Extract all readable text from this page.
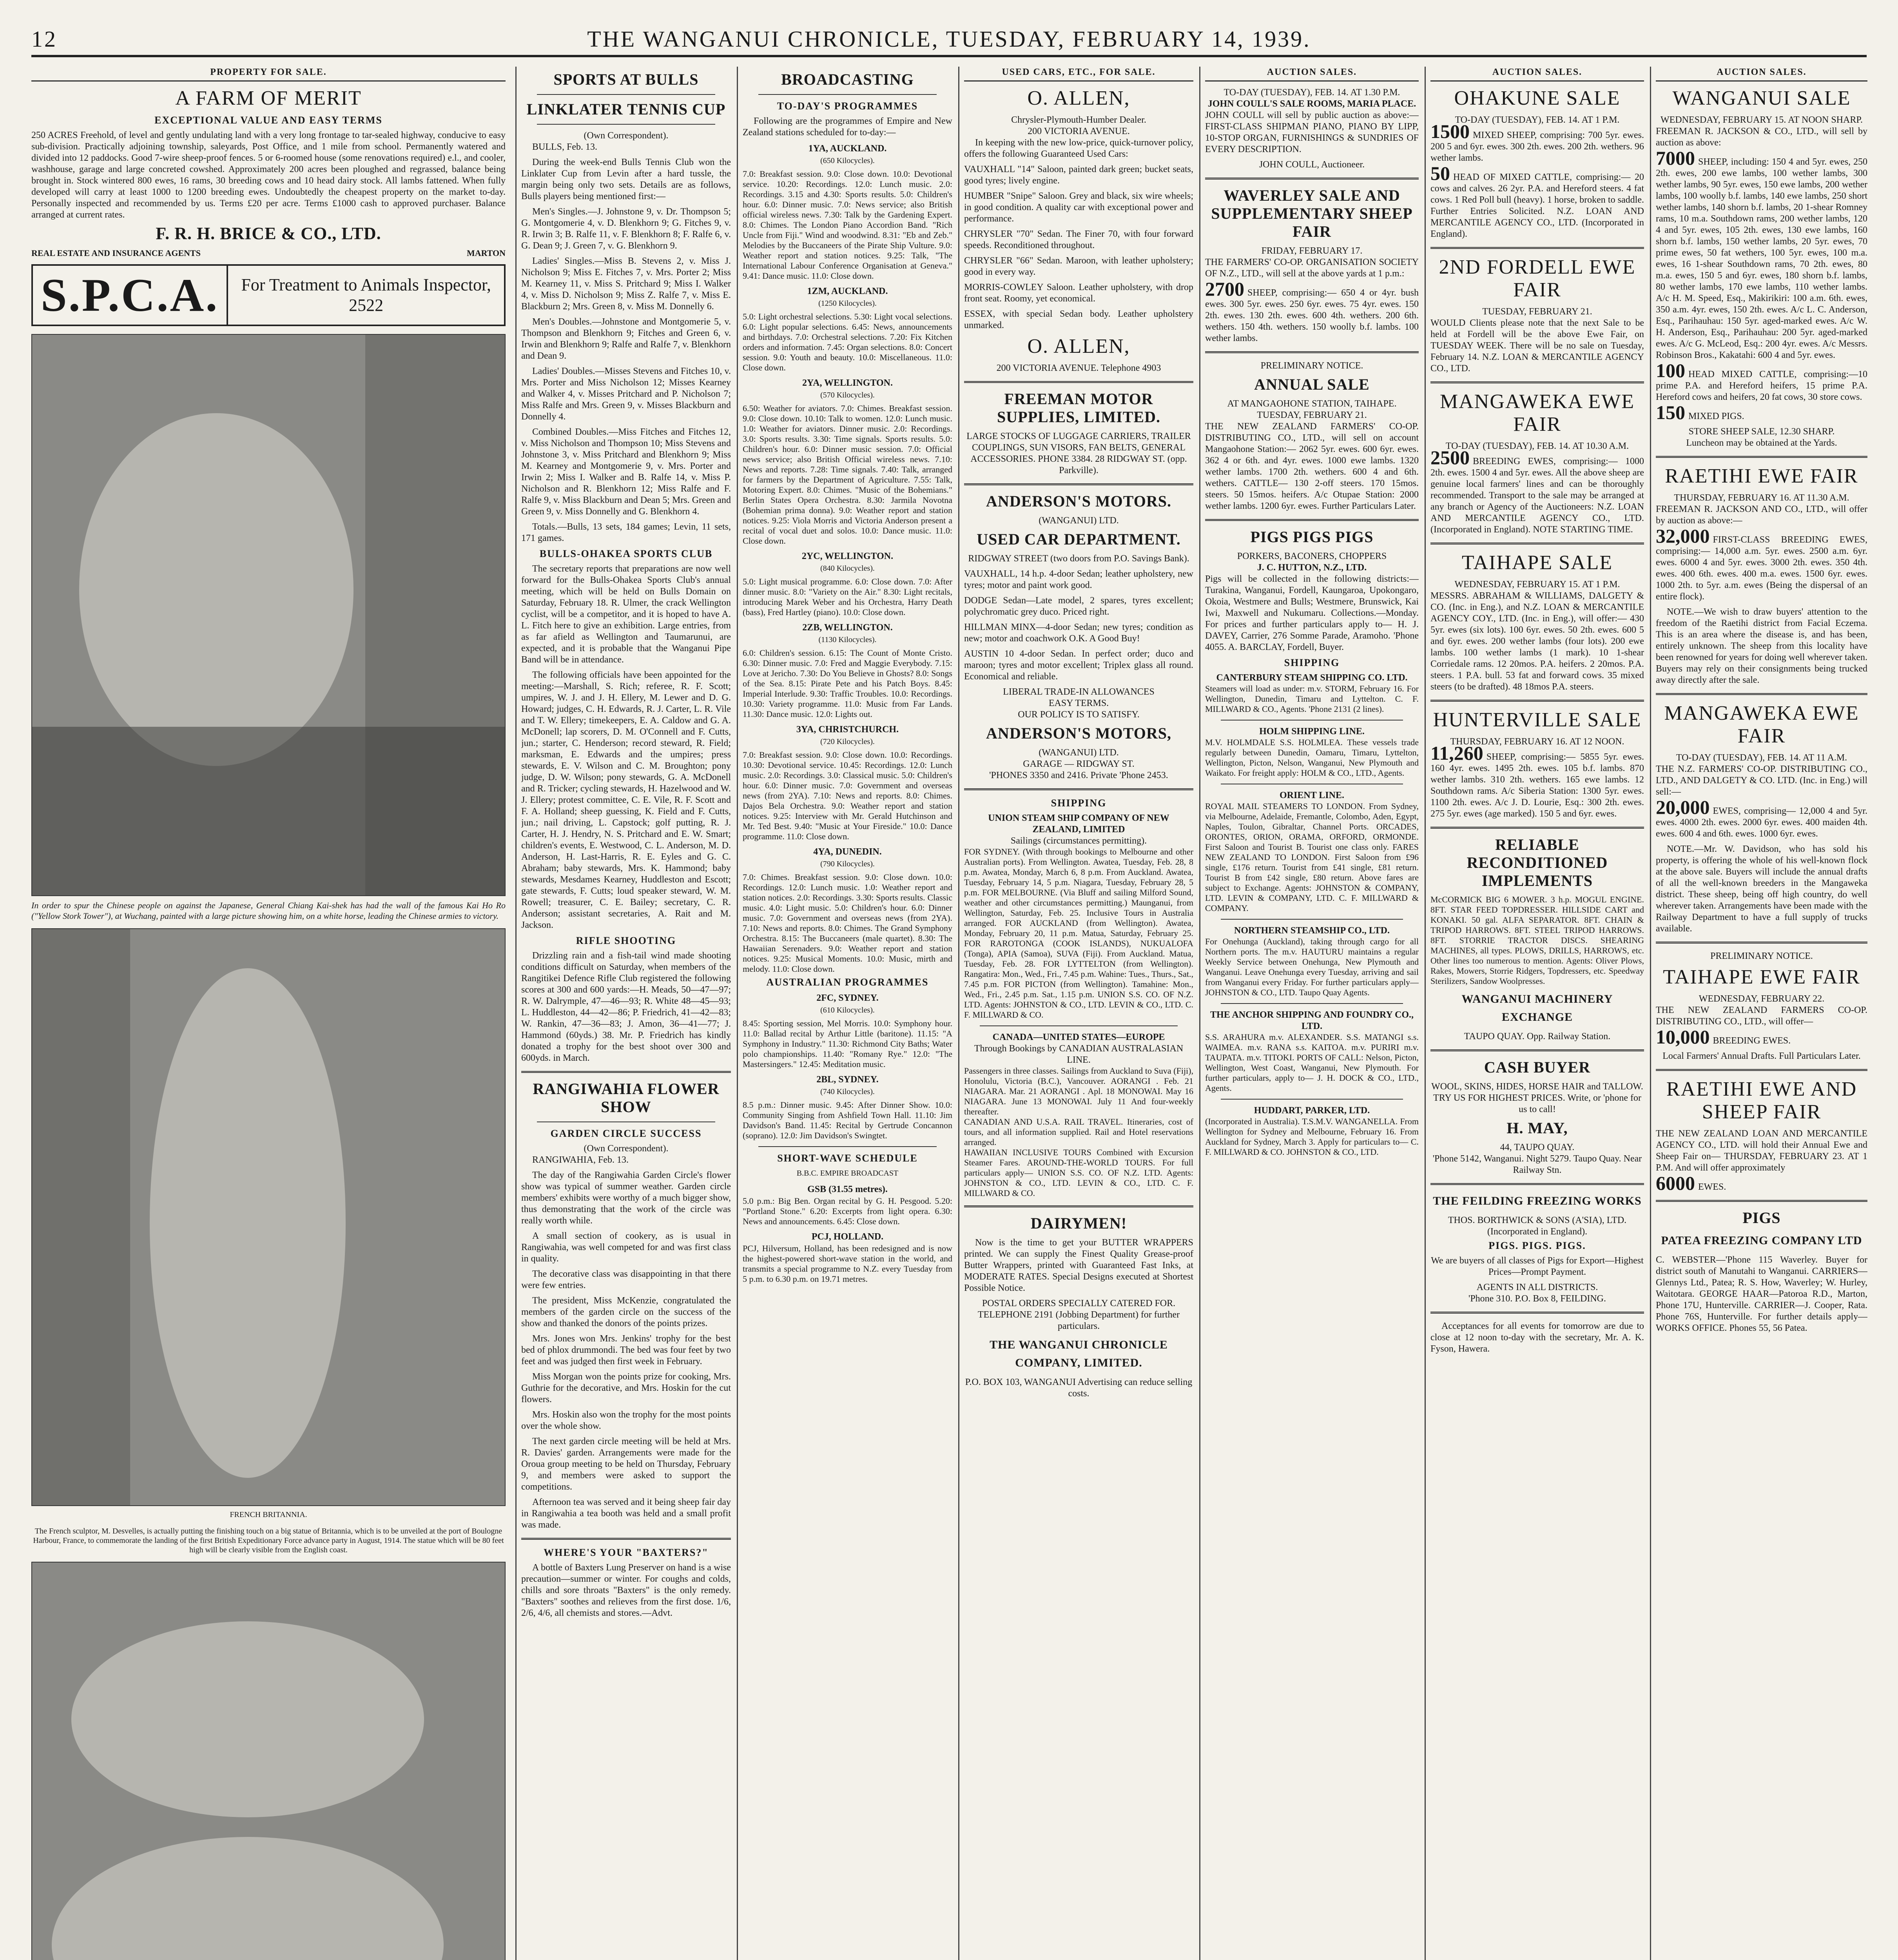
12	THE WANGANUI CHRONICLE, TUESDAY, FEBRUARY 14, 1939.
PROPERTY FOR SALE.
A FARM OF MERIT
EXCEPTIONAL VALUE AND EASY TERMS

250 ACRES Freehold, of level and gently undulating land with a very long frontage to tar-sealed highway, conducive to easy sub-division. Practically adjoining township, saleyards, Post Office, and 1 mile from school. Permanently watered and divided into 12 paddocks. Good 7-wire sheep-proof fences. 5 or 6-roomed house (some renovations required) e.l., and cooler, washhouse, garage and large concreted cowshed. Approximately 200 acres been ploughed and regrassed, balance being brought in. Stock wintered 800 ewes, 16 rams, 30 breeding cows and 10 head dairy stock. All lambs fattened. When fully developed will carry at least 1000 to 1200 breeding ewes. Undoubtedly the cheapest property on the market to-day. Personally inspected and recommended by us. Terms £20 per acre. Terms £1000 cash to approved purchaser. Balance arranged at current rates.

F. R. H. BRICE & CO., LTD.
REAL ESTATE AND INSURANCE AGENTS	MARTON
S.P.C.A.	For Treatment to Animals Inspector, 2522

In order to spur the Chinese people on against the Japanese, General Chiang Kai-shek has had the wall of the famous Kai Ho Ro ("Yellow Stork Tower"), at Wuchang, painted with a large picture showing him, on a white horse, leading the Chinese armies to victory.

FRENCH BRITANNIA.

The French sculptor, M. Desvelles, is actually putting the finishing touch on a big statue of Britannia, which is to be unveiled at the port of Boulogne Harbour, France, to commemorate the landing of the first British Expeditionary Force advance party in August, 1914. The statue which will be 80 feet high will be clearly visible from the English coast.

SPORTS AT BULLS
LINKLATER TENNIS CUP
(Own Correspondent).

BULLS, Feb. 13.

During the week-end Bulls Tennis Club won the Linklater Cup from Levin after a hard tussle, the margin being only two sets. Details are as follows, Bulls players being mentioned first:—

Men's Singles.—J. Johnstone 9, v. Dr. Thompson 5; G. Montgomerie 4, v. D. Blenkhorn 9; G. Fitches 9, v. R. Irwin 3; B. Ralfe 11, v. F. Blenkhorn 8; F. Ralfe 6, v. G. Dean 9; J. Green 7, v. G. Blenkhorn 9.

Ladies' Singles.—Miss B. Stevens 2, v. Miss J. Nicholson 9; Miss E. Fitches 7, v. Mrs. Porter 2; Miss M. Kearney 11, v. Miss S. Pritchard 9; Miss I. Walker 4, v. Miss D. Nicholson 9; Miss Z. Ralfe 7, v. Miss E. Blackburn 2; Mrs. Green 8, v. Miss M. Donnelly 6.

Men's Doubles.—Johnstone and Montgomerie 5, v. Thompson and Blenkhorn 9; Fitches and Green 6, v. Irwin and Blenkhorn 9; Ralfe and Ralfe 7, v. Blenkhorn and Dean 9.

Ladies' Doubles.—Misses Stevens and Fitches 10, v. Mrs. Porter and Miss Nicholson 12; Misses Kearney and Walker 4, v. Misses Pritchard and P. Nicholson 7; Miss Ralfe and Mrs. Green 9, v. Misses Blackburn and Donnelly 4.

Combined Doubles.—Miss Fitches and Fitches 12, v. Miss Nicholson and Thompson 10; Miss Stevens and Johnstone 3, v. Miss Pritchard and Blenkhorn 9; Miss M. Kearney and Montgomerie 9, v. Mrs. Porter and Irwin 2; Miss I. Walker and B. Ralfe 14, v. Miss P. Nicholson and R. Blenkhorn 12; Miss Ralfe and F. Ralfe 9, v. Miss Blackburn and Dean 5; Mrs. Green and Green 9, v. Miss Donnelly and G. Blenkhorn 4.

Totals.—Bulls, 13 sets, 184 games; Levin, 11 sets, 171 games.

BULLS-OHAKEA SPORTS CLUB

The secretary reports that preparations are now well forward for the Bulls-Ohakea Sports Club's annual meeting, which will be held on Bulls Domain on Saturday, February 18. R. Ulmer, the crack Wellington cyclist, will be a competitor, and it is hoped to have A. L. Fitch here to give an exhibition. Large entries, from as far afield as Wellington and Taumarunui, are expected, and it is probable that the Wanganui Pipe Band will be in attendance.

The following officials have been appointed for the meeting:—Marshall, S. Rich; referee, R. F. Scott; umpires, W. J. and J. H. Ellery, M. Lewer and D. G. Howard; judges, C. H. Edwards, R. J. Carter, L. R. Vile and T. W. Ellery; timekeepers, E. A. Caldow and G. A. McDonell; lap scorers, D. M. O'Connell and F. Cutts, jun.; starter, C. Henderson; record steward, R. Field; marksman, E. Edwards and the umpires; press stewards, E. V. Wilson and C. M. Broughton; pony judge, D. W. Wilson; pony stewards, G. A. McDonell and R. Tricker; cycling stewards, H. Hazelwood and W. J. Ellery; protest committee, C. E. Vile, R. F. Scott and F. A. Holland; sheep guessing, K. Field and F. Cutts, jun.; nail driving, L. Capstock; golf putting, R. J. Carter, H. J. Hendry, N. S. Pritchard and E. W. Smart; children's events, E. Westwood, C. L. Anderson, M. D. Anderson, H. Last-Harris, R. E. Eyles and G. C. Abraham; baby stewards, Mrs. K. Hammond; baby stewards, Mesdames Kearney, Huddleston and Escott; gate stewards, F. Cutts; loud speaker steward, W. M. Rowell; treasurer, C. E. Bailey; secretary, C. R. Anderson; assistant secretaries, A. Rait and M. Jackson.

RIFLE SHOOTING

Drizzling rain and a fish-tail wind made shooting conditions difficult on Saturday, when members of the Rangitikei Defence Rifle Club registered the following scores at 300 and 600 yards:—H. Meads, 50—47—97; R. W. Dalrymple, 47—46—93; R. White 48—45—93; L. Huddleston, 44—42—86; P. Friedrich, 41—42—83; W. Rankin, 47—36—83; J. Amon, 36—41—77; J. Hammond (60yds.) 38. Mr. P. Friedrich has kindly donated a trophy for the best shoot over 300 and 600yds. in March.

RANGIWAHIA FLOWER SHOW
GARDEN CIRCLE SUCCESS
(Own Correspondent).

RANGIWAHIA, Feb. 13.

The day of the Rangiwahia Garden Circle's flower show was typical of summer weather. Garden circle members' exhibits were worthy of a much bigger show, thus demonstrating that the work of the circle was really worth while.

A small section of cookery, as is usual in Rangiwahia, was well competed for and was first class in quality.

The decorative class was disappointing in that there were few entries.

The president, Miss McKenzie, congratulated the members of the garden circle on the success of the show and thanked the donors of the points prizes.

Mrs. Jones won Mrs. Jenkins' trophy for the best bed of phlox drummondi. The bed was four feet by two feet and was judged then first week in February.

Miss Morgan won the points prize for cooking, Mrs. Guthrie for the decorative, and Mrs. Hoskin for the cut flowers.

Mrs. Hoskin also won the trophy for the most points over the whole show.

The next garden circle meeting will be held at Mrs. R. Davies' garden. Arrangements were made for the Oroua group meeting to be held on Thursday, February 9, and members were asked to support the competitions.

Afternoon tea was served and it being sheep fair day in Rangiwahia a tea booth was held and a small profit was made.

WHERE'S YOUR "BAXTERS?"

A bottle of Baxters Lung Preserver on hand is a wise precaution—summer or winter. For coughs and colds, chills and sore throats "Baxters" is the only remedy. "Baxters" soothes and relieves from the first dose. 1/6, 2/6, 4/6, all chemists and stores.—Advt.

BROADCASTING
TO-DAY'S PROGRAMMES

Following are the programmes of Empire and New Zealand stations scheduled for to-day:—

1YA, AUCKLAND.
(650 Kilocycles).

7.0: Breakfast session. 9.0: Close down. 10.0: Devotional service. 10.20: Recordings. 12.0: Lunch music. 2.0: Recordings. 3.15 and 4.30: Sports results. 5.0: Children's hour. 6.0: Dinner music. 7.0: News service; also British official wireless news. 7.30: Talk by the Gardening Expert. 8.0: Chimes. The London Piano Accordion Band. "Rich Uncle from Fiji." Wind and woodwind. 8.31: "Eb and Zeb." Melodies by the Buccaneers of the Pirate Ship Vulture. 9.0: Weather report and station notices. 9.25: Talk, "The International Labour Conference Organisation at Geneva." 9.41: Dance music. 11.0: Close down.

1ZM, AUCKLAND.
(1250 Kilocycles).

5.0: Light orchestral selections. 5.30: Light vocal selections. 6.0: Light popular selections. 6.45: News, announcements and birthdays. 7.0: Orchestral selections. 7.20: Fix Kitchen orders and information. 7.45: Organ selections. 8.0: Concert session. 9.0: Youth and beauty. 10.0: Miscellaneous. 11.0: Close down.

2YA, WELLINGTON.
(570 Kilocycles).

6.50: Weather for aviators. 7.0: Chimes. Breakfast session. 9.0: Close down. 10.10: Talk to women. 12.0: Lunch music. 1.0: Weather for aviators. Dinner music. 2.0: Recordings. 3.0: Sports results. 3.30: Time signals. Sports results. 5.0: Children's hour. 6.0: Dinner music session. 7.0: Official news service; also British Official wireless news. 7.10: News and reports. 7.28: Time signals. 7.40: Talk, arranged for farmers by the Department of Agriculture. 7.55: Talk, Motoring Expert. 8.0: Chimes. "Music of the Bohemians." Berlin States Opera Orchestra. 8.30: Jarmila Novotna (Bohemian prima donna). 9.0: Weather report and station notices. 9.25: Viola Morris and Victoria Anderson present a recital of vocal duet and solos. 10.0: Dance music. 11.0: Close down.

2YC, WELLINGTON.
(840 Kilocycles).

5.0: Light musical programme. 6.0: Close down. 7.0: After dinner music. 8.0: "Variety on the Air." 8.30: Light recitals, introducing Marek Weber and his Orchestra, Harry Death (bass), Fred Hartley (piano). 10.0: Close down.

2ZB, WELLINGTON.
(1130 Kilocycles).

6.0: Children's session. 6.15: The Count of Monte Cristo. 6.30: Dinner music. 7.0: Fred and Maggie Everybody. 7.15: Love at Jericho. 7.30: Do You Believe in Ghosts? 8.0: Songs of the Sea. 8.15: Pirate Pete and his Patch Boys. 8.45: Imperial Interlude. 9.30: Traffic Troubles. 10.0: Recordings. 10.30: Variety programme. 11.0: Music from Far Lands. 11.30: Dance music. 12.0: Lights out.

3YA, CHRISTCHURCH.
(720 Kilocycles).

7.0: Breakfast session. 9.0: Close down. 10.0: Recordings. 10.30: Devotional service. 10.45: Recordings. 12.0: Lunch music. 2.0: Recordings. 3.0: Classical music. 5.0: Children's hour. 6.0: Dinner music. 7.0: Government and overseas news (from 2YA). 7.10: News and reports. 8.0: Chimes. Dajos Bela Orchestra. 9.0: Weather report and station notices. 9.25: Interview with Mr. Gerald Hutchinson and Mr. Ted Best. 9.40: "Music at Your Fireside." 10.0: Dance programme. 11.0: Close down.

4YA, DUNEDIN.
(790 Kilocycles).

7.0: Chimes. Breakfast session. 9.0: Close down. 10.0: Recordings. 12.0: Lunch music. 1.0: Weather report and station notices. 2.0: Recordings. 3.30: Sports results. Classic music. 4.0: Light music. 5.0: Children's hour. 6.0: Dinner music. 7.0: Government and overseas news (from 2YA). 7.10: News and reports. 8.0: Chimes. The Grand Symphony Orchestra. 8.15: The Buccaneers (male quartet). 8.30: The Hawaiian Serenaders. 9.0: Weather report and station notices. 9.25: Musical Moments. 10.0: Music, mirth and melody. 11.0: Close down.

AUSTRALIAN PROGRAMMES
2FC, SYDNEY.
(610 Kilocycles).

8.45: Sporting session, Mel Morris. 10.0: Symphony hour. 11.0: Ballad recital by Arthur Little (baritone). 11.15: "A Symphony in Industry." 11.30: Richmond City Baths; Water polo championships. 11.40: "Romany Rye." 12.0: "The Mastersingers." 12.45: Meditation music.

2BL, SYDNEY.
(740 Kilocycles).

8.5 p.m.: Dinner music. 9.45: After Dinner Show. 10.0: Community Singing from Ashfield Town Hall. 11.10: Jim Davidson's Band. 11.45: Recital by Gertrude Concannon (soprano). 12.0: Jim Davidson's Swingtet.

SHORT-WAVE SCHEDULE
B.B.C. EMPIRE BROADCAST
GSB (31.55 metres).

5.0 p.m.: Big Ben. Organ recital by G. H. Pesgood. 5.20: "Portland Stone." 6.20: Excerpts from light opera. 6.30: News and announcements. 6.45: Close down.

PCJ, HOLLAND.

PCJ, Hilversum, Holland, has been redesigned and is now the highest-powered short-wave station in the world, and transmits a special programme to N.Z. every Tuesday from 5 p.m. to 6.30 p.m. on 19.71 metres.

USED CARS, ETC., FOR SALE.
O. ALLEN,
Chrysler-Plymouth-Humber Dealer.
200 VICTORIA AVENUE.

In keeping with the new low-price, quick-turnover policy, offers the following Guaranteed Used Cars:

VAUXHALL "14" Saloon, painted dark green; bucket seats, good tyres; lively engine.

HUMBER "Snipe" Saloon. Grey and black, six wire wheels; in good condition. A quality car with exceptional power and performance.

CHRYSLER "70" Sedan. The Finer 70, with four forward speeds. Reconditioned throughout.

CHRYSLER "66" Sedan. Maroon, with leather upholstery; good in every way.

MORRIS-COWLEY Saloon. Leather upholstery, with drop front seat. Roomy, yet economical.

ESSEX, with special Sedan body. Leather upholstery unmarked.

O. ALLEN,
200 VICTORIA AVENUE. Telephone 4903
FREEMAN MOTOR SUPPLIES, LIMITED.

LARGE STOCKS OF LUGGAGE CARRIERS, TRAILER COUPLINGS, SUN VISORS, FAN BELTS, GENERAL ACCESSORIES. PHONE 3384. 28 RIDGWAY ST. (opp. Parkville).

ANDERSON'S MOTORS.
(WANGANUI) LTD.
USED CAR DEPARTMENT.

RIDGWAY STREET (two doors from P.O. Savings Bank).

VAUXHALL, 14 h.p. 4-door Sedan; leather upholstery, new tyres; motor and paint work good.

DODGE Sedan—Late model, 2 spares, tyres excellent; polychromatic grey duco. Priced right.

HILLMAN MINX—4-door Sedan; new tyres; condition as new; motor and coachwork O.K. A Good Buy!

AUSTIN 10 4-door Sedan. In perfect order; duco and maroon; tyres and motor excellent; Triplex glass all round. Economical and reliable.

LIBERAL TRADE-IN ALLOWANCES
EASY TERMS.
OUR POLICY IS TO SATISFY.
ANDERSON'S MOTORS,
(WANGANUI) LTD.
GARAGE — RIDGWAY ST.
'PHONES 3350 and 2416. Private 'Phone 2453.
SHIPPING
UNION STEAM SHIP COMPANY OF NEW ZEALAND, LIMITED
Sailings (circumstances permitting).

FOR SYDNEY. (With through bookings to Melbourne and other Australian ports). From Wellington. Awatea, Tuesday, Feb. 28, 8 p.m. Awatea, Monday, March 6, 8 p.m. From Auckland. Awatea, Tuesday, February 14, 5 p.m. Niagara, Tuesday, February 28, 5 p.m. FOR MELBOURNE. (Via Bluff and sailing Milford Sound, weather and other circumstances permitting.) Maunganui, from Wellington, Saturday, Feb. 25. Inclusive Tours in Australia arranged. FOR AUCKLAND (from Wellington). Awatea, Monday, February 20, 11 p.m. Matua, Saturday, February 25. FOR RAROTONGA (COOK ISLANDS), NUKUALOFA (Tonga), APIA (Samoa), SUVA (Fiji). From Auckland. Matua, Tuesday, Feb. 28. FOR LYTTELTON (from Wellington). Rangatira: Mon., Wed., Fri., 7.45 p.m. Wahine: Tues., Thurs., Sat., 7.45 p.m. FOR PICTON (from Wellington). Tamahine: Mon., Wed., Fri., 2.45 p.m. Sat., 1.15 p.m. UNION S.S. CO. OF N.Z. LTD. Agents: JOHNSTON & CO., LTD. LEVIN & CO., LTD. C. F. MILLWARD & CO.

CANADA—UNITED STATES—EUROPE
Through Bookings by CANADIAN AUSTRALASIAN LINE.

Passengers in three classes. Sailings from Auckland to Suva (Fiji), Honolulu, Victoria (B.C.), Vancouver. AORANGI . Feb. 21 NIAGARA. Mar. 21 AORANGI . Apl. 18 MONOWAI. May 16 NIAGARA. June 13 MONOWAI. July 11 And four-weekly thereafter.

CANADIAN AND U.S.A. RAIL TRAVEL. Itineraries, cost of tours, and all information supplied. Rail and Hotel reservations arranged.

HAWAIIAN INCLUSIVE TOURS Combined with Excursion Steamer Fares. AROUND-THE-WORLD TOURS. For full particulars apply— UNION S.S. CO. OF N.Z. LTD. Agents: JOHNSTON & CO., LTD. LEVIN & CO., LTD. C. F. MILLWARD & CO.

DAIRYMEN!

Now is the time to get your BUTTER WRAPPERS printed. We can supply the Finest Quality Grease-proof Butter Wrappers, printed with Guaranteed Fast Inks, at MODERATE RATES. Special Designs executed at Shortest Possible Notice.

POSTAL ORDERS SPECIALLY CATERED FOR. TELEPHONE 2191 (Jobbing Department) for further particulars.

THE WANGANUI CHRONICLE COMPANY, LIMITED.
P.O. BOX 103, WANGANUI Advertising can reduce selling costs.
AUCTION SALES.
TO-DAY (TUESDAY), FEB. 14. AT 1.30 P.M.
JOHN COULL'S SALE ROOMS, MARIA PLACE.

JOHN COULL will sell by public auction as above:— FIRST-CLASS SHIPMAN PIANO, PIANO BY LIPP, 10-STOP ORGAN, FURNISHINGS & SUNDRIES OF EVERY DESCRIPTION.

JOHN COULL, Auctioneer.
WAVERLEY SALE AND SUPPLEMENTARY SHEEP FAIR
FRIDAY, FEBRUARY 17.

THE FARMERS' CO-OP. ORGANISATION SOCIETY OF N.Z., LTD., will sell at the above yards at 1 p.m.:

2700 SHEEP, comprising:— 650 4 or 4yr. bush ewes. 300 5yr. ewes. 250 6yr. ewes. 75 4yr. ewes. 150 2th. ewes. 130 2th. ewes. 600 4th. wethers. 200 6th. wethers. 150 4th. wethers. 150 woolly b.f. lambs. 100 wether lambs.

PRELIMINARY NOTICE.
ANNUAL SALE
AT MANGAOHONE STATION, TAIHAPE.
TUESDAY, FEBRUARY 21.

THE NEW ZEALAND FARMERS' CO-OP. DISTRIBUTING CO., LTD., will sell on account Mangaohone Station:— 2062 5yr. ewes. 600 6yr. ewes. 362 4 or 6th. and 4yr. ewes. 1000 ewe lambs. 1320 wether lambs. 1700 2th. wethers. 600 4 and 6th. wethers. CATTLE— 130 2-off steers. 170 15mos. steers. 50 15mos. heifers. A/c Otupae Station: 2000 wether lambs. 1200 6yr. ewes. Further Particulars Later.

PIGS PIGS PIGS
PORKERS, BACONERS, CHOPPERS
J. C. HUTTON, N.Z., LTD.

Pigs will be collected in the following districts:—Turakina, Wanganui, Fordell, Kaungaroa, Upokongaro, Okoia, Westmere and Bulls; Westmere, Brunswick, Kai Iwi, Maxwell and Nukumaru. Collections.—Monday. For prices and further particulars apply to— H. J. DAVEY, Carrier, 276 Somme Parade, Aramoho. 'Phone 4055. A. BARCLAY, Fordell, Buyer.

SHIPPING
CANTERBURY STEAM SHIPPING CO. LTD.

Steamers will load as under: m.v. STORM, February 16. For Wellington, Dunedin, Timaru and Lyttelton. C. F. MILLWARD & CO., Agents. 'Phone 2131 (2 lines).

HOLM SHIPPING LINE.

M.V. HOLMDALE S.S. HOLMLEA. These vessels trade regularly between Dunedin, Oamaru, Timaru, Lyttelton, Wellington, Picton, Nelson, Wanganui, New Plymouth and Waikato. For freight apply: HOLM & CO., LTD., Agents.

ORIENT LINE.

ROYAL MAIL STEAMERS TO LONDON. From Sydney, via Melbourne, Adelaide, Fremantle, Colombo, Aden, Egypt, Naples, Toulon, Gibraltar, Channel Ports. ORCADES, ORONTES, ORION, ORAMA, ORFORD, ORMONDE. First Saloon and Tourist B. Tourist one class only. FARES NEW ZEALAND TO LONDON. First Saloon from £96 single, £176 return. Tourist from £41 single, £81 return. Tourist B from £42 single, £80 return. Above fares are subject to Exchange. Agents: JOHNSTON & COMPANY, LTD. LEVIN & COMPANY, LTD. C. F. MILLWARD & COMPANY.

NORTHERN STEAMSHIP CO., LTD.

For Onehunga (Auckland), taking through cargo for all Northern ports. The m.v. HAUTURU maintains a regular Weekly Service between Onehunga, New Plymouth and Wanganui. Leave Onehunga every Tuesday, arriving and sail from Wanganui every Friday. For further particulars apply— JOHNSTON & CO., LTD. Taupo Quay Agents.

THE ANCHOR SHIPPING AND FOUNDRY CO., LTD.

S.S. ARAHURA m.v. ALEXANDER. S.S. MATANGI s.s. WAIMEA. m.v. RANA s.s. KAITOA. m.v. PURIRI m.v. TAUPATA. m.v. TITOKI. PORTS OF CALL: Nelson, Picton, Wellington, West Coast, Wanganui, New Plymouth. For further particulars, apply to— J. H. DOCK & CO., LTD., Agents.

HUDDART, PARKER, LTD.

(Incorporated in Australia). T.S.M.V. WANGANELLA. From Wellington for Sydney and Melbourne, February 16. From Auckland for Sydney, March 3. Apply for particulars to— C. F. MILLWARD & CO. JOHNSTON & CO., LTD.

AUCTION SALES.
OHAKUNE SALE
TO-DAY (TUESDAY), FEB. 14. AT 1 P.M.

1500 MIXED SHEEP, comprising: 700 5yr. ewes. 200 5 and 6yr. ewes. 300 2th. ewes. 200 2th. wethers. 96 wether lambs.

50 HEAD OF MIXED CATTLE, comprising:— 20 cows and calves. 26 2yr. P.A. and Hereford steers. 4 fat cows. 1 Red Poll bull (heavy). 1 horse, broken to saddle. Further Entries Solicited. N.Z. LOAN AND MERCANTILE AGENCY CO., LTD. (Incorporated in England).

2ND FORDELL EWE FAIR
TUESDAY, FEBRUARY 21.

WOULD Clients please note that the next Sale to be held at Fordell will be the above Ewe Fair, on TUESDAY WEEK. There will be no sale on Tuesday, February 14. N.Z. LOAN & MERCANTILE AGENCY CO., LTD.

MANGAWEKA EWE FAIR
TO-DAY (TUESDAY), FEB. 14. AT 10.30 A.M.

2500 BREEDING EWES, comprising:— 1000 2th. ewes. 1500 4 and 5yr. ewes. All the above sheep are genuine local farmers' lines and can be thoroughly recommended. Transport to the sale may be arranged at any branch or Agency of the Auctioneers: N.Z. LOAN AND MERCANTILE AGENCY CO., LTD. (Incorporated in England). NOTE STARTING TIME.

TAIHAPE SALE
WEDNESDAY, FEBRUARY 15. AT 1 P.M.

MESSRS. ABRAHAM & WILLIAMS, DALGETY & CO. (Inc. in Eng.), and N.Z. LOAN & MERCANTILE AGENCY COY., LTD. (Inc. in Eng.), will offer:— 430 5yr. ewes (six lots). 100 6yr. ewes. 50 2th. ewes. 600 5 and 6yr. ewes. 200 wether lambs (four lots). 200 ewe lambs. 100 wether lambs (1 mark). 10 1-shear Corriedale rams. 12 20mos. P.A. heifers. 2 20mos. P.A. steers. 1 P.A. bull. 53 fat and forward cows. 35 mixed steers (to be drafted). 48 18mos P.A. steers.

HUNTERVILLE SALE
THURSDAY, FEBRUARY 16. AT 12 NOON.

11,260 SHEEP, comprising:— 5855 5yr. ewes. 160 4yr. ewes. 1495 2th. ewes. 105 b.f. lambs. 870 wether lambs. 310 2th. wethers. 165 ewe lambs. 12 Southdown rams. A/c Siberia Station: 1300 5yr. ewes. 1100 2th. ewes. A/c J. D. Lourie, Esq.: 300 2th. ewes. 275 5yr. ewes (age marked). 150 5 and 6yr. ewes.

RELIABLE RECONDITIONED IMPLEMENTS

McCORMICK BIG 6 MOWER. 3 h.p. MOGUL ENGINE. 8FT. STAR FEED TOPDRESSER. HILLSIDE CART and KONAKI. 50 gal. ALFA SEPARATOR. 8FT. CHAIN & TRIPOD HARROWS. 8FT. STEEL TRIPOD HARROWS. 8FT. STORRIE TRACTOR DISCS. SHEARING MACHINES, all types. PLOWS, DRILLS, HARROWS, etc. Other lines too numerous to mention. Agents: Oliver Plows, Rakes, Mowers, Storrie Ridgers, Topdressers, etc. Speedway Sterilizers, Sandow Woolpresses.

WANGANUI MACHINERY EXCHANGE
TAUPO QUAY. Opp. Railway Station.
CASH BUYER

WOOL, SKINS, HIDES, HORSE HAIR and TALLOW. TRY US FOR HIGHEST PRICES. Write, or 'phone for us to call!

H. MAY,
44, TAUPO QUAY.
'Phone 5142, Wanganui. Night 5279. Taupo Quay. Near Railway Stn.
THE FEILDING FREEZING WORKS
THOS. BORTHWICK & SONS (A'SIA), LTD. (Incorporated in England).
PIGS. PIGS. PIGS.

We are buyers of all classes of Pigs for Export—Highest Prices—Prompt Payment.

AGENTS IN ALL DISTRICTS.
'Phone 310. P.O. Box 8, FEILDING.

Acceptances for all events for tomorrow are due to close at 12 noon to-day with the secretary, Mr. A. K. Fyson, Hawera.

AUCTION SALES.
WANGANUI SALE
WEDNESDAY, FEBRUARY 15. AT NOON SHARP.

FREEMAN R. JACKSON & CO., LTD., will sell by auction as above:

7000 SHEEP, including: 150 4 and 5yr. ewes, 250 2th. ewes, 200 ewe lambs, 100 wether lambs, 300 wether lambs, 90 5yr. ewes, 150 ewe lambs, 200 wether lambs, 100 woolly b.f. lambs, 140 ewe lambs, 250 short wether lambs, 140 shorn b.f. lambs, 20 1-shear Romney rams, 10 m.a. Southdown rams, 200 wether lambs, 120 4 and 5yr. ewes, 105 2th. ewes, 130 ewe lambs, 160 shorn b.f. lambs, 150 wether lambs, 20 5yr. ewes, 70 prime ewes, 50 fat wethers, 100 5yr. ewes, 100 m.a. ewes, 16 1-shear Southdown rams, 70 2th. ewes, 80 m.a. ewes, 150 5 and 6yr. ewes, 180 shorn b.f. lambs, 80 wether lambs, 170 ewe lambs, 110 wether lambs. A/c H. M. Speed, Esq., Makirikiri: 100 a.m. 6th. ewes, 350 a.m. 4yr. ewes, 150 2th. ewes. A/c L. C. Anderson, Esq., Parihauhau: 150 5yr. aged-marked ewes. A/c W. H. Anderson, Esq., Parihauhau: 200 5yr. aged-marked ewes. A/c G. McLeod, Esq.: 200 4yr. ewes. A/c Messrs. Robinson Bros., Kakatahi: 600 4 and 5yr. ewes.

100 HEAD MIXED CATTLE, comprising:—10 prime P.A. and Hereford heifers, 15 prime P.A. Hereford cows and heifers, 20 fat cows, 30 store cows.

150 MIXED PIGS.

STORE SHEEP SALE, 12.30 SHARP.
Luncheon may be obtained at the Yards.
RAETIHI EWE FAIR
THURSDAY, FEBRUARY 16. AT 11.30 A.M.

FREEMAN R. JACKSON AND CO., LTD., will offer by auction as above:—

32,000 FIRST-CLASS BREEDING EWES, comprising:— 14,000 a.m. 5yr. ewes. 2500 a.m. 6yr. ewes. 6000 4 and 5yr. ewes. 3000 2th. ewes. 350 4th. ewes. 400 6th. ewes. 400 m.a. ewes. 1500 6yr. ewes. 1000 2th. to 5yr. a.m. ewes (Being the dispersal of an entire flock).

NOTE.—We wish to draw buyers' attention to the freedom of the Raetihi district from Facial Eczema. This is an area where the disease is, and has been, entirely unknown. The sheep from this locality have been renowned for years for doing well wherever taken. Buyers may rely on their consignments being trucked away directly after the sale.

MANGAWEKA EWE FAIR
TO-DAY (TUESDAY), FEB. 14. AT 11 A.M.

THE N.Z. FARMERS' CO-OP. DISTRIBUTING CO., LTD., AND DALGETY & CO. LTD. (Inc. in Eng.) will sell:—

20,000 EWES, comprising— 12,000 4 and 5yr. ewes. 4000 2th. ewes. 2000 6yr. ewes. 400 maiden 4th. ewes. 600 4 and 6th. ewes. 1000 6yr. ewes.

NOTE.—Mr. W. Davidson, who has sold his property, is offering the whole of his well-known flock at the above sale. Buyers will include the annual drafts of all the well-known breeders in the Mangaweka district. These sheep, being off high country, do well wherever taken. Arrangements have been made with the Railway Department to have a full supply of trucks available.

PRELIMINARY NOTICE.
TAIHAPE EWE FAIR
WEDNESDAY, FEBRUARY 22.

THE NEW ZEALAND FARMERS CO-OP. DISTRIBUTING CO., LTD., will offer—

10,000 BREEDING EWES.

Local Farmers' Annual Drafts. Full Particulars Later.
RAETIHI EWE AND SHEEP FAIR

THE NEW ZEALAND LOAN AND MERCANTILE AGENCY CO., LTD. will hold their Annual Ewe and Sheep Fair on— THURSDAY, FEBRUARY 23. AT 1 P.M. And will offer approximately

6000 EWES.

PIGS
PATEA FREEZING COMPANY LTD

C. WEBSTER—'Phone 115 Waverley. Buyer for district south of Manutahi to Wanganui. CARRIERS—Glennys Ltd., Patea; R. S. How, Waverley; W. Hurley, Waitotara. GEORGE HAAR—Patoroa R.D., Marton, Phone 17U, Hunterville. CARRIER—J. Cooper, Rata. Phone 76S, Hunterville. For further details apply— WORKS OFFICE. Phones 55, 56 Patea.
